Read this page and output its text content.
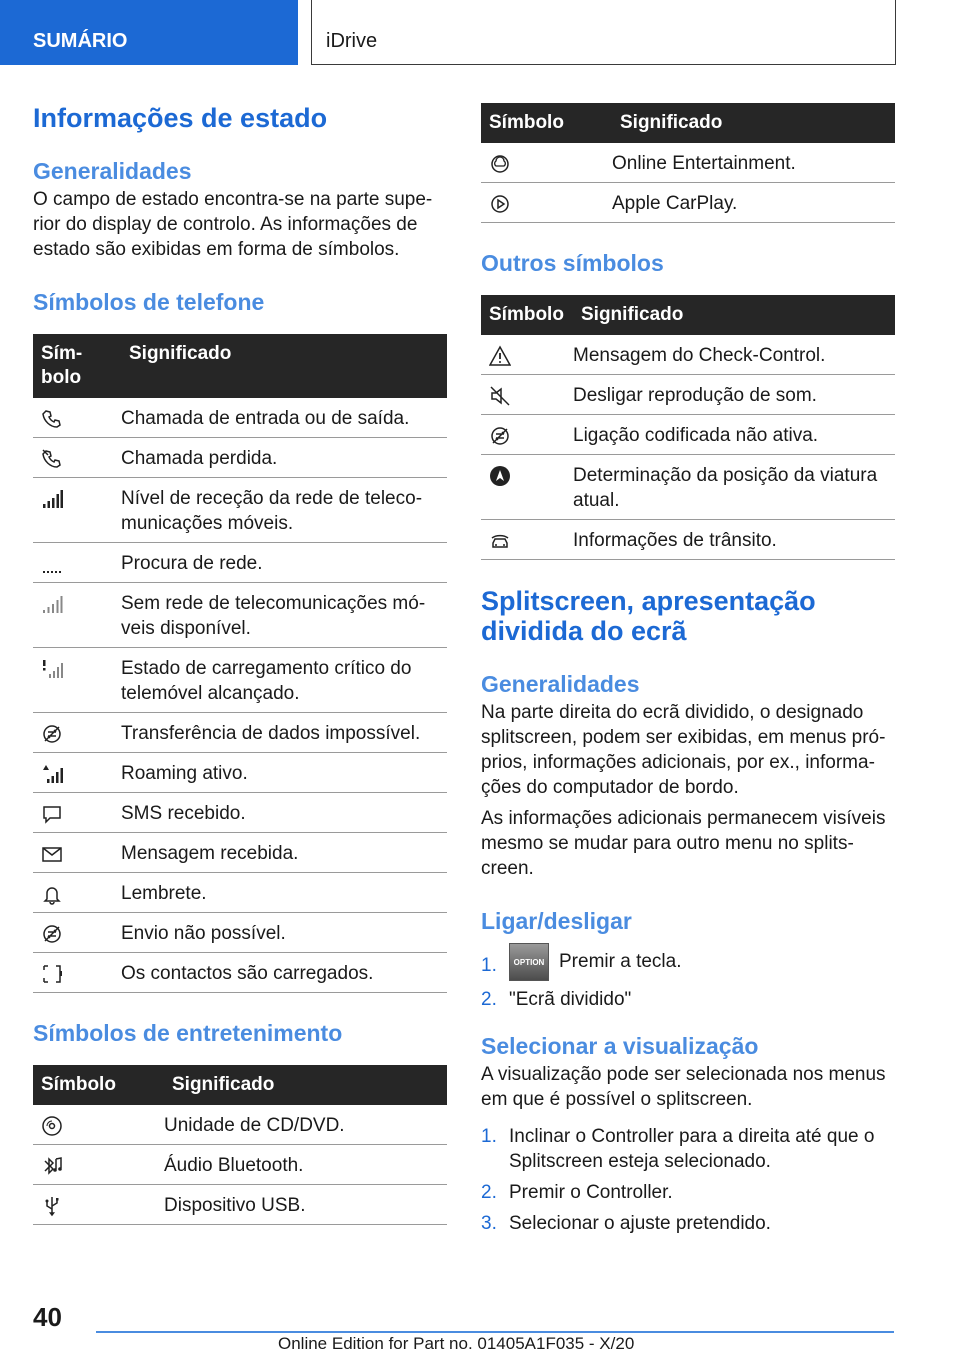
SUMÁRIO	iDrive
Informações de estado
Generalidades

O campo de estado encontra-se na parte superior do display de controlo. As informações de estado são exibidas em forma de símbolos.

Símbolos de telefone
Sím-
bolo	Significado
	Chamada de entrada ou de saída.
	Chamada perdida.
	Nível de receção da rede de telecomunicações móveis.
	Procura de rede.
	Sem rede de telecomunicações móveis disponível.
	Estado de carregamento crítico do telemóvel alcançado.
	Transferência de dados impossível.
	Roaming ativo.
	SMS recebido.
	Mensagem recebida.
	Lembrete.
	Envio não possível.
	Os contactos são carregados.
Símbolos de entretenimento
Símbolo	Significado
	Unidade de CD/DVD.
	Áudio Bluetooth.
	Dispositivo USB.
Símbolo	Significado
	Online Entertainment.
	Apple CarPlay.
Outros símbolos
Símbolo	Significado
	Mensagem do Check-Control.
	Desligar reprodução de som.
	Ligação codificada não ativa.
	Determinação da posição da viatura atual.
	Informações de trânsito.
Splitscreen, apresentação dividida do ecrã
Generalidades

Na parte direita do ecrã dividido, o designado splitscreen, podem ser exibidas, em menus próprios, informações adicionais, por ex., informações do computador de bordo.

As informações adicionais permanecem visíveis mesmo se mudar para outro menu no splitscreen.

Ligar/desligar
1. OPTION Premir a tecla.
2. "Ecrã dividido"
Selecionar a visualização

A visualização pode ser selecionada nos menus em que é possível o splitscreen.

1. Inclinar o Controller para a direita até que o Splitscreen esteja selecionado.
2. Premir o Controller.
3. Selecionar o ajuste pretendido.
40
Online Edition for Part no. 01405A1F035 - X/20
